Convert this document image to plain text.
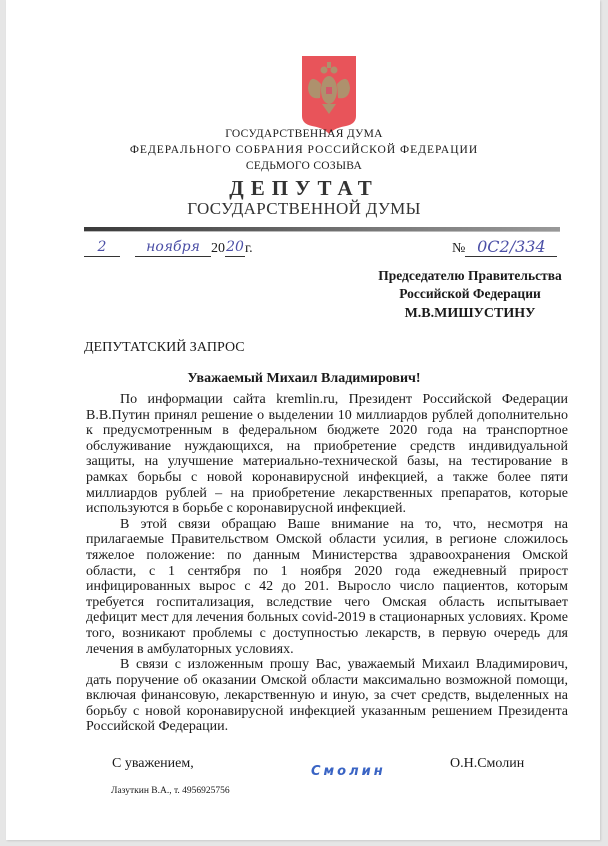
ГОСУДАРСТВЕННАЯ ДУМА
ФЕДЕРАЛЬНОГО СОБРАНИЯ РОССИЙСКОЙ ФЕДЕРАЦИИ
СЕДЬМОГО СОЗЫВА
ДЕПУТАТ
ГОСУДАРСТВЕННОЙ ДУМЫ
2	ноября 2020г.	№ 0С2/334
Председателю Правительства
Российской Федерации
М.В.МИШУСТИНУ
ДЕПУТАТСКИЙ ЗАПРОС
Уважаемый Михаил Владимирович!

По информации сайта kremlin.ru, Президент Российской Федерации В.В.Путин принял решение о выделении 10 миллиардов рублей дополнительно к предусмотренным в федеральном бюджете 2020 года на транспортное обслуживание нуждающихся, на приобретение средств индивидуальной защиты, на улучшение материально-технической базы, на тестирование в рамках борьбы с новой коронавирусной инфекцией, а также более пяти миллиардов рублей – на приобретение лекарственных препаратов, которые используются в борьбе с коронавирусной инфекцией.

В этой связи обращаю Ваше внимание на то, что, несмотря на прилагаемые Правительством Омской области усилия, в регионе сложилось тяжелое положение: по данным Министерства здравоохранения Омской области, с 1 сентября по 1 ноября 2020 года ежедневный прирост инфицированных вырос с 42 до 201. Выросло число пациентов, которым требуется госпитализация, вследствие чего Омская область испытывает дефицит мест для лечения больных covid-2019 в стационарных условиях. Кроме того, возникают проблемы с доступностью лекарств, в первую очередь для лечения в амбулаторных условиях.

В связи с изложенным прошу Вас, уважаемый Михаил Владимирович, дать поручение об оказании Омской области максимально возможной помощи, включая финансовую, лекарственную и иную, за счет средств, выделенных на борьбу с новой коронавирусной инфекцией указанным решением Президента Российской Федерации.

С уважением,
Смолин
О.Н.Смолин
Лазуткин В.А., т. 4956925756
